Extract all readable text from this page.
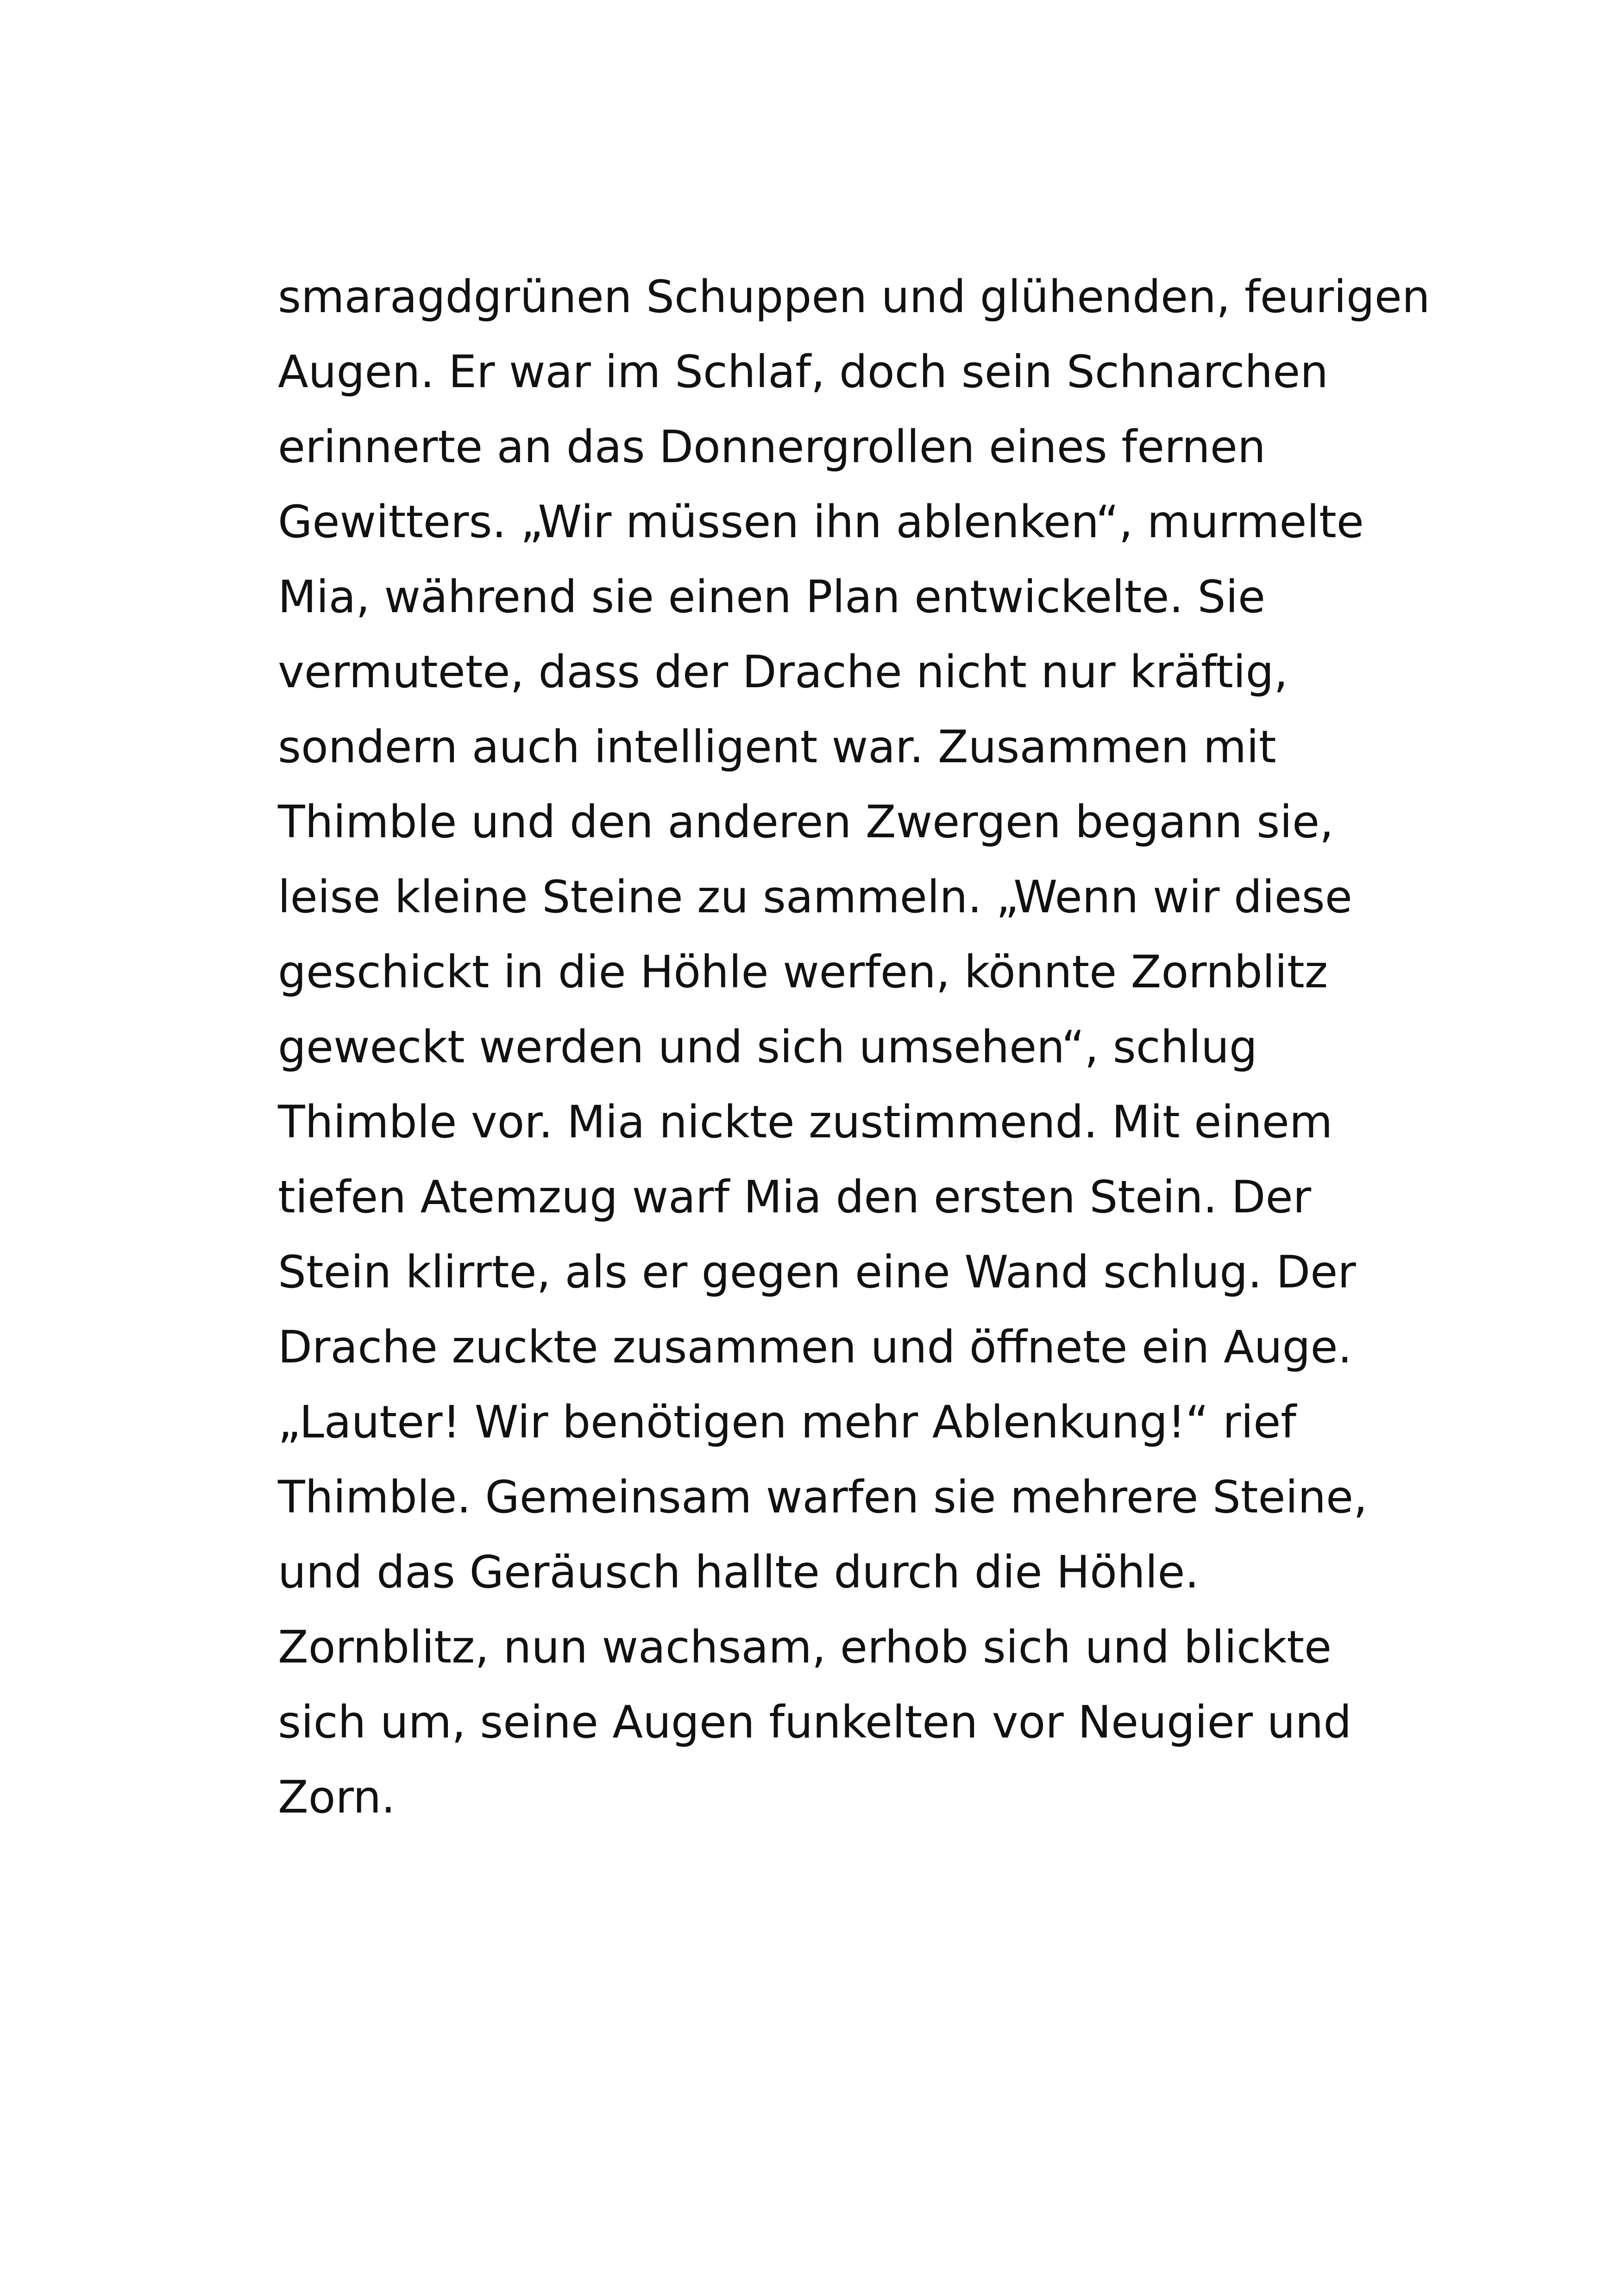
smaragdgrünen Schuppen und glühenden, feurigen
Augen. Er war im Schlaf, doch sein Schnarchen
erinnerte an das Donnergrollen eines fernen
Gewitters. „Wir müssen ihn ablenken“, murmelte
Mia, während sie einen Plan entwickelte. Sie
vermutete, dass der Drache nicht nur kräftig,
sondern auch intelligent war. Zusammen mit
Thimble und den anderen Zwergen begann sie,
leise kleine Steine zu sammeln. „Wenn wir diese
geschickt in die Höhle werfen, könnte Zornblitz
geweckt werden und sich umsehen“, schlug
Thimble vor. Mia nickte zustimmend. Mit einem
tiefen Atemzug warf Mia den ersten Stein. Der
Stein klirrte, als er gegen eine Wand schlug. Der
Drache zuckte zusammen und öffnete ein Auge.
„Lauter! Wir benötigen mehr Ablenkung!“ rief
Thimble. Gemeinsam warfen sie mehrere Steine,
und das Geräusch hallte durch die Höhle.
Zornblitz, nun wachsam, erhob sich und blickte
sich um, seine Augen funkelten vor Neugier und
Zorn.
